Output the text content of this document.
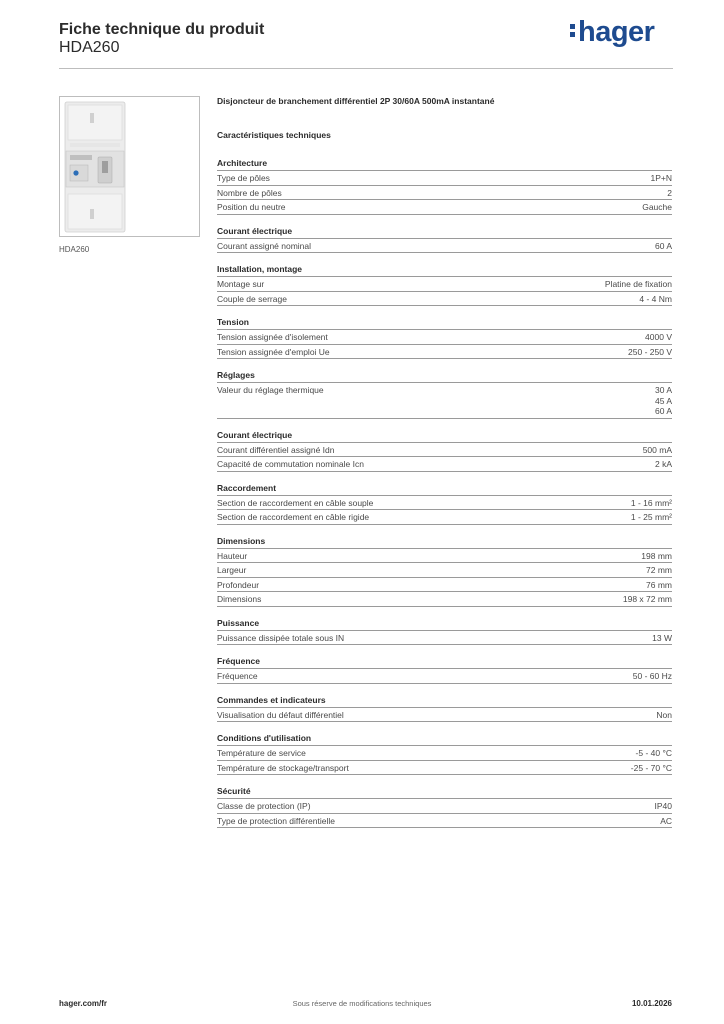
Fiche technique du produit
HDA260	hager
HDA260
Disjoncteur de branchement différentiel 2P 30/60A 500mA instantané
Caractéristiques techniques
Architecture
Type de pôles	1P+N
Nombre de pôles	2
Position du neutre	Gauche
Courant électrique
Courant assigné nominal	60 A
Installation, montage
Montage sur	Platine de fixation
Couple de serrage	4 - 4 Nm
Tension
Tension assignée d'isolement	4000 V
Tension assignée d'emploi Ue	250 - 250 V
Réglages
Valeur du réglage thermique	30 A
45 A
60 A
Courant électrique
Courant différentiel assigné Idn	500 mA
Capacité de commutation nominale Icn	2 kA
Raccordement
Section de raccordement en câble souple	1 - 16 mm²
Section de raccordement en câble rigide	1 - 25 mm²
Dimensions
Hauteur	198 mm
Largeur	72 mm
Profondeur	76 mm
Dimensions	198 x 72 mm
Puissance
Puissance dissipée totale sous IN	13 W
Fréquence
Fréquence	50 - 60 Hz
Commandes et indicateurs
Visualisation du défaut différentiel	Non
Conditions d'utilisation
Température de service	-5 - 40 °C
Température de stockage/transport	-25 - 70 °C
Sécurité
Classe de protection (IP)	IP40
Type de protection différentielle	AC
hager.com/fr	Sous réserve de modifications techniques	10.01.2026
